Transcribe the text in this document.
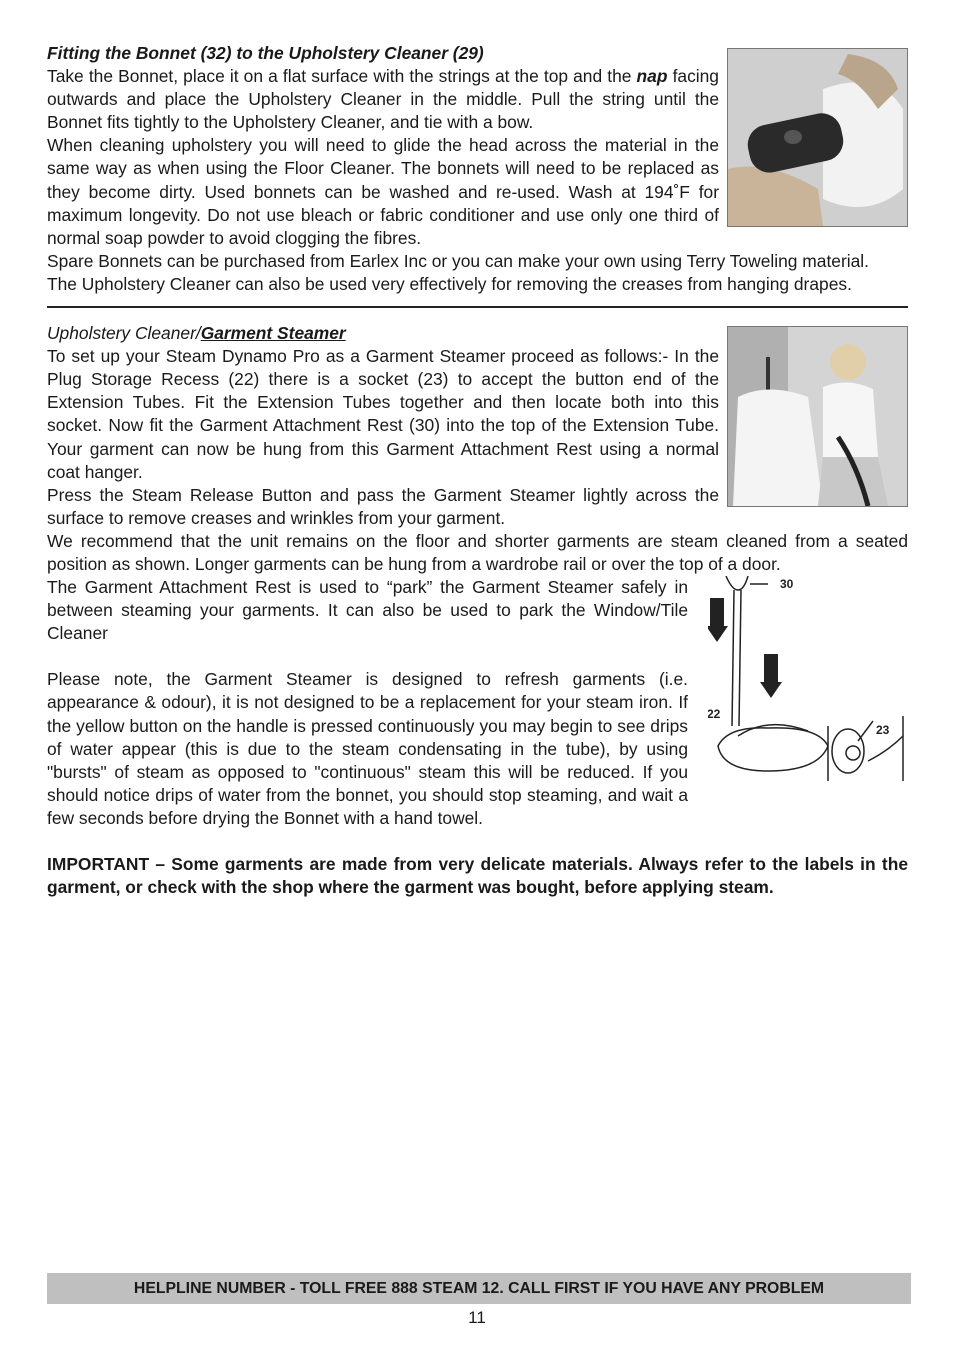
Fitting the Bonnet (32) to the Upholstery Cleaner (29)

Take the Bonnet, place it on a flat surface with the strings at the top and the nap facing outwards and place the Upholstery Cleaner in the middle. Pull the string until the Bonnet fits tightly to the Upholstery Cleaner, and tie with a bow.

When cleaning upholstery you will need to glide the head across the material in the same way as when using the Floor Cleaner. The bonnets will need to be replaced as they become dirty. Used bonnets can be washed and re-used. Wash at 194˚F for maximum longevity. Do not use bleach or fabric conditioner and use only one third of normal soap powder to avoid clogging the fibres.

Spare Bonnets can be purchased from Earlex Inc or you can make your own using Terry Toweling material.

The Upholstery Cleaner can also be used very effectively for removing the creases from hanging drapes.

Upholstery Cleaner/Garment Steamer

To set up your Steam Dynamo Pro as a Garment Steamer proceed as follows:- In the Plug Storage Recess (22) there is a socket (23) to accept the button end of the Extension Tubes. Fit the Extension Tubes together and then locate both into this socket. Now fit the Garment Attachment Rest (30) into the top of the Extension Tube. Your garment can now be hung from this Garment Attachment Rest using a normal coat hanger.

Press the Steam Release Button and pass the Garment Steamer lightly across the surface to remove creases and wrinkles from your garment.

We recommend that the unit remains on the floor and shorter garments are steam cleaned from a seated position as shown. Longer garments can be hung from a wardrobe rail or over the top of a door.

30
22
23

The Garment Attachment Rest is used to “park” the Garment Steamer safely in between steaming your garments. It can also be used to park the Window/Tile Cleaner

Please note, the Garment Steamer is designed to refresh garments (i.e. appearance & odour), it is not designed to be a replacement for your steam iron. If the yellow button on the handle is pressed continuously you may begin to see drips of water appear (this is due to the steam condensating in the tube), by using "bursts" of steam as opposed to "continuous" steam this will be reduced. If you should notice drips of water from the bonnet, you should stop steaming, and wait a few seconds before drying the Bonnet with a hand towel.

IMPORTANT – Some garments are made from very delicate materials. Always refer to the labels in the garment, or check with the shop where the garment was bought, before applying steam.

HELPLINE NUMBER - TOLL FREE 888 STEAM 12. CALL FIRST IF YOU HAVE ANY PROBLEM
11
